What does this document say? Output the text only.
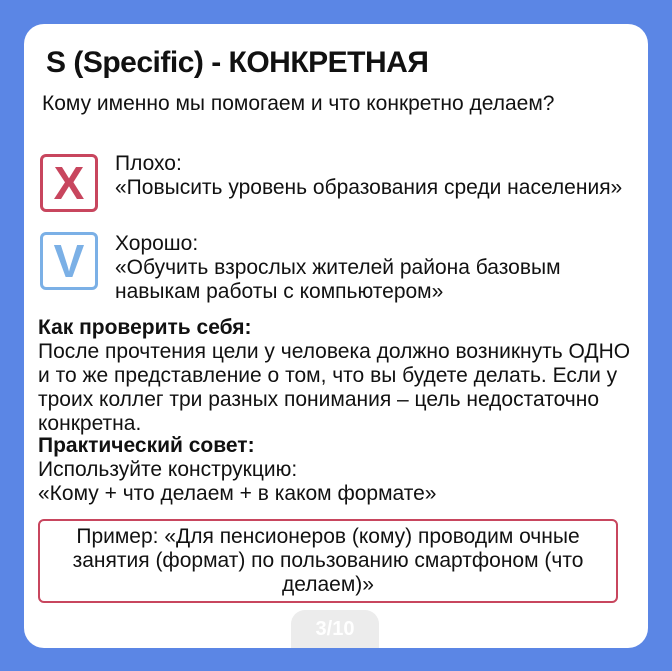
S (Specific) - КОНКРЕТНАЯ
Кому именно мы помогаем и что конкретно делаем?
X Плохо:
«Повысить уровень образования среди населения»
V Хорошо:
«Обучить взрослых жителей района базовым навыкам работы с компьютером»
Как проверить себя:
После прочтения цели у человека должно возникнуть ОДНО и то же представление о том, что вы будете делать. Если у троих коллег три разных понимания – цель недостаточно конкретна.
Практический совет:
Используйте конструкцию:
«Кому + что делаем + в каком формате»
Пример: «Для пенсионеров (кому) проводим очные занятия (формат) по пользованию смартфоном (что делаем)»
3/10
